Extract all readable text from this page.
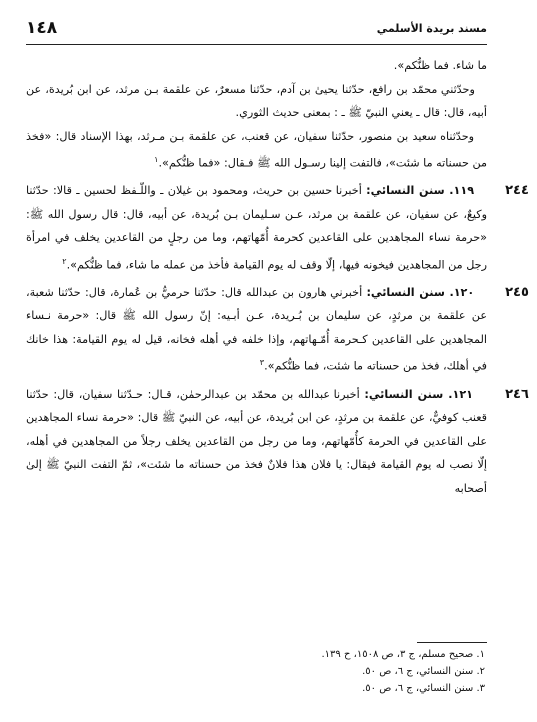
مسند بريدة الأسلمي
١٤٨

ما شاء. فما ظنُّكم».

وحدّثني محمّد بن رافع، حدّثنا يحيىٰ بن آدم، حدّثنا مسعرٌ، عن علقمة بـن مرثد، عن ابن بُريدة، عن أبيه، قال: قال ـ يعني النبيّ ﷺ ـ : بمعنى حديث الثوري.

وحدّثناه سعيد بن منصور، حدّثنا سفيان، عن قعنب، عن علقمة بـن مـرثد، بهذا الإسناد قال: «فخذ من حسناته ما شئت»، فالتفت إلينا رسـول الله ﷺ فـقال: «فما ظنُّكم».$^١$

٢٤٤

١١٩. سنن النسائي: أخبرنا حسين بن حريث، ومحمود بن غيلان ـ واللّـفظ لحسين ـ قالا: حدّثنا وكيعٌ، عن سفيان، عن علقمة بن مرثد، عـن سـليمان بـن بُريدة، عن أبيه، قال: قال رسول الله ﷺ: «حرمة نساء المجاهدين على القاعدين كحرمة أُمّهاتهم، وما من رجلٍ من القاعدين يخلف في امرأة رجل من المجاهدين فيخونه فيها، إلّا وقف له يوم القيامة فأخذ من عمله ما شاء، فما ظنُّكم».$^٢$

٢٤٥

١٢٠. سنن النسائي: أخبرني هارون بن عبدالله قال: حدّثنا حرميُّ بن عُمارة، قال: حدّثنا شعبة، عن علقمة بن مرثدٍ، عن سليمان بن بُـريدة، عـن أبـيه: إنّ رسول الله ﷺ قال: «حرمة نـساء المجاهدين على القاعدين كـحرمة أُمّـهاتهم، وإذا خلفه في أهله فخانه، قيل له يوم القيامة: هذا خانك في أهلك، فخذ من حسناته ما شئت، فما ظنُّكم».$^٣$

٢٤٦

١٢١. سنن النسائي: أخبرنا عبدالله بن محمّد بن عبدالرحمٰن، قـال: حـدّثنا سفيان، قال: حدّثنا قعنب كوفيٌّ، عن علقمة بن مرثدٍ، عن ابن بُريدة، عن أبيه، عن النبيّ ﷺ قال: «حرمة نساء المجاهدين على القاعدين في الحرمة كأُمّهاتهم، وما من رجل من القاعدين يخلف رجلاً من المجاهدين في أهله، إلّا نصب له يوم القيامة فيقال: يا فلان هذا فلانٌ فخذ من حسناته ما شئت»، ثمّ التفت النبيّ ﷺ إلىٰ أصحابه

١. صحيح مسلم، ج ٣، ص ١٥٠٨، ح ١٣٩.
٢. سنن النسائي، ج ٦، ص ٥٠.
٣. سنن النسائي، ج ٦، ص ٥٠.
